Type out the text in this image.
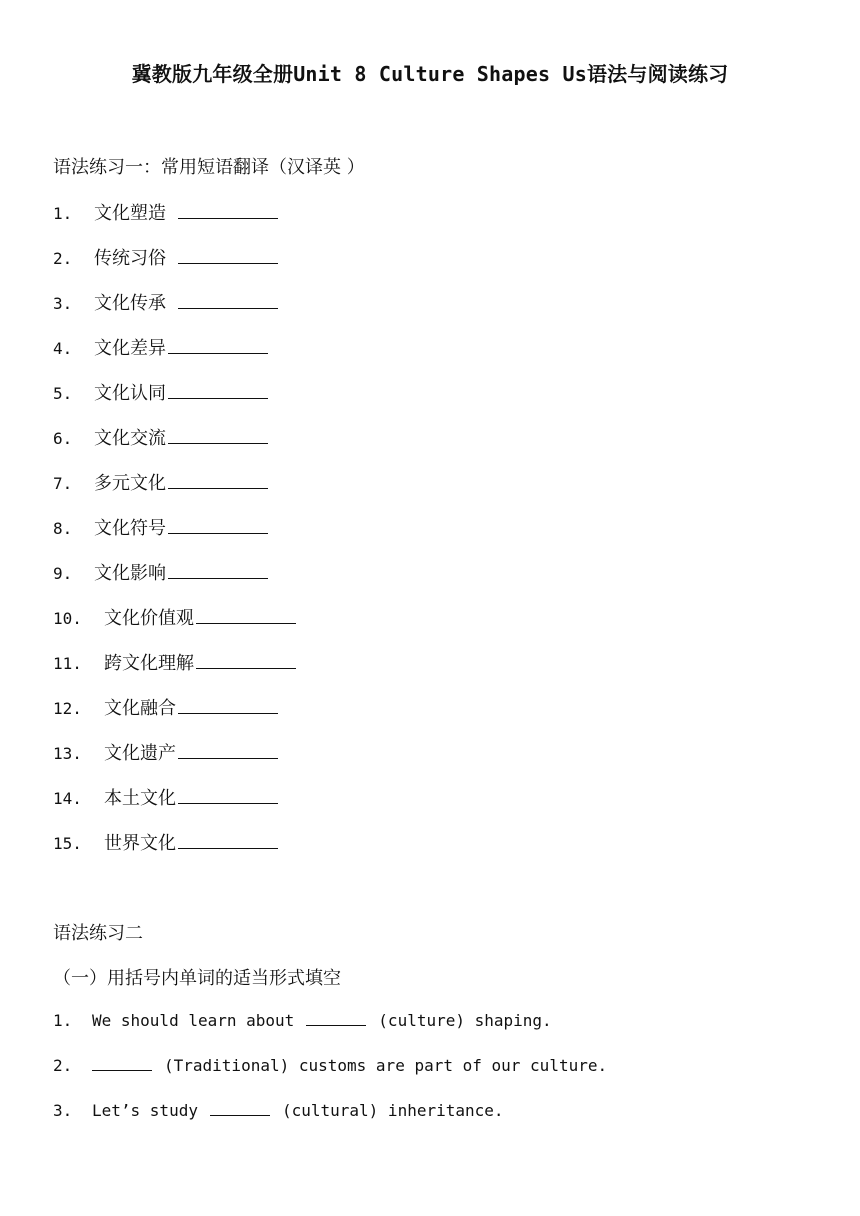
冀教版九年级全册Unit 8 Culture Shapes Us语法与阅读练习
语法练习一：常用短语翻译（汉译英 ）
1.	文化塑造
2.	传统习俗
3.	文化传承
4.	文化差异
5.	文化认同
6.	文化交流
7.	多元文化
8.	文化符号
9.	文化影响
10.	文化价值观
11.	跨文化理解
12.	文化融合
13.	文化遗产
14.	本土文化
15.	世界文化
语法练习二
（一）用括号内单词的适当形式填空
1.	We should learn about	(culture) shaping.
2.	(Traditional) customs are part of our culture.
3.	Let’s study	(cultural) inheritance.
